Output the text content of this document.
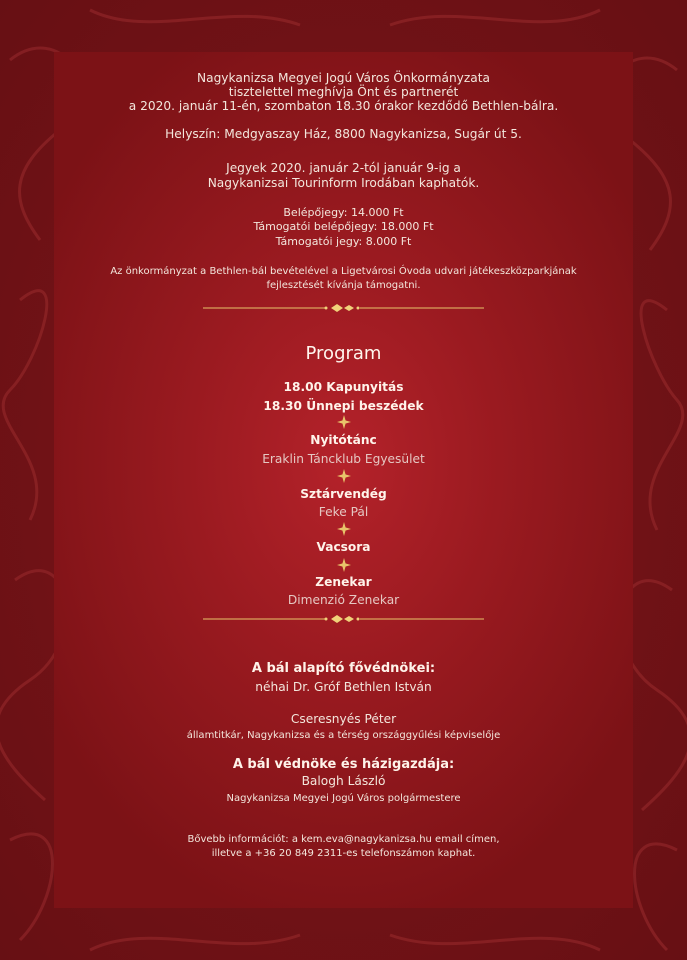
Nagykanizsa Megyei Jogú Város Önkormányzata
tisztelettel meghívja Önt és partnerét
a 2020. január 11-én, szombaton 18.30 órakor kezdődő Bethlen-bálra.
Helyszín: Medgyaszay Ház, 8800 Nagykanizsa, Sugár út 5.
Jegyek 2020. január 2-tól január 9-ig a
Nagykanizsai Tourinform Irodában kaphatók.
Belépőjegy: 14.000 Ft
Támogatói belépőjegy: 18.000 Ft
Támogatói jegy: 8.000 Ft
Az önkormányzat a Bethlen-bál bevételével a Ligetvárosi Óvoda udvari játékeszközparkjának
fejlesztését kívánja támogatni.
Program
18.00 Kapunyitás
18.30 Ünnepi beszédek
Nyitótánc
Eraklin Táncklub Egyesület
Sztárvendég
Feke Pál
Vacsora
Zenekar
Dimenzió Zenekar
A bál alapító fővédnökei:
néhai Dr. Gróf Bethlen István
Cseresnyés Péter
államtitkár, Nagykanizsa és a térség országgyűlési képviselője
A bál védnöke és házigazdája:
Balogh László
Nagykanizsa Megyei Jogú Város polgármestere
Bővebb információt: a kem.eva@nagykanizsa.hu email címen,
illetve a +36 20 849 2311-es telefonszámon kaphat.
